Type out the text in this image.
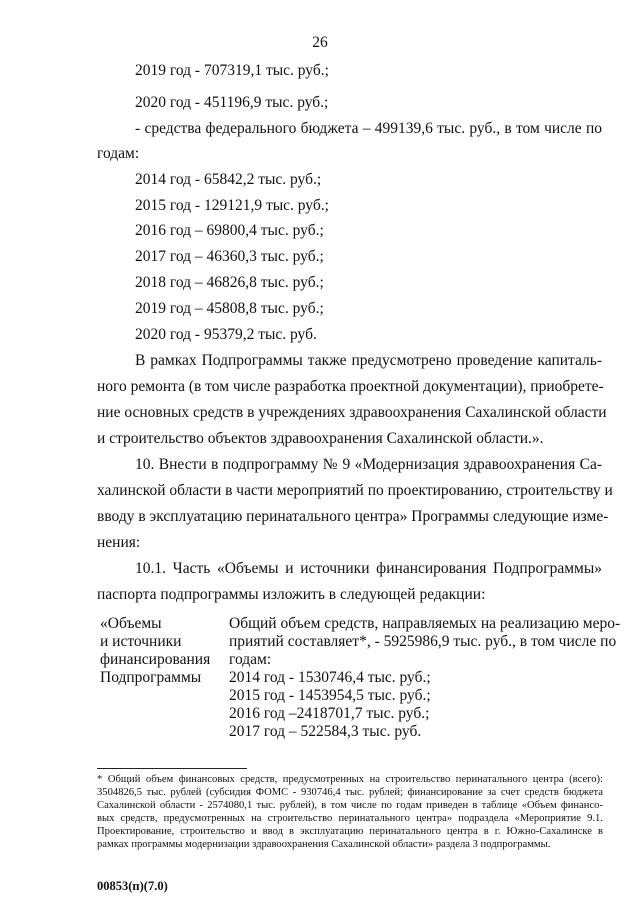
26
2019 год - 707319,1 тыс. руб.;
2020 год - 451196,9 тыс. руб.;
- средства федерального бюджета – 499139,6 тыс. руб., в том числе по
годам:
2014 год - 65842,2 тыс. руб.;
2015 год - 129121,9 тыс. руб.;
2016 год – 69800,4 тыс. руб.;
2017 год – 46360,3 тыс. руб.;
2018 год – 46826,8 тыс. руб.;
2019 год – 45808,8 тыс. руб.;
2020 год - 95379,2 тыс. руб.
В рамках Подпрограммы также предусмотрено проведение капиталь-
ного ремонта (в том числе разработка проектной документации), приобрете-
ние основных средств в учреждениях здравоохранения Сахалинской области
и строительство объектов здравоохранения Сахалинской области.».
10. Внести в подпрограмму № 9 «Модернизация здравоохранения Са-
халинской области в части мероприятий по проектированию, строительству и
вводу в эксплуатацию перинатального центра» Программы следующие изме-
нения:
10.1. Часть «Объемы и источники финансирования Подпрограммы»
паспорта подпрограммы изложить в следующей редакции:
«Объемы
и источники
финансирования
Подпрограммы
Общий объем средств, направляемых на реализацию меро-
приятий составляет*, - 5925986,9 тыс. руб., в том числе по
годам:
2014 год - 1530746,4 тыс. руб.;
2015 год - 1453954,5 тыс. руб.;
2016 год –2418701,7 тыс. руб.;
2017 год – 522584,3 тыс. руб.
* Общий объем финансовых средств, предусмотренных на строительство перинатального центра (всего):
3504826,5 тыс. рублей (субсидия ФОМС - 930746,4 тыс. рублей; финансирование за счет средств бюджета
Сахалинской области - 2574080,1 тыс. рублей), в том числе по годам приведен в таблице «Объем финансо-
вых средств, предусмотренных на строительство перинатального центра» подраздела «Мероприятие 9.1.
Проектирование, строительство и ввод в эксплуатацию перинатального центра в г. Южно-Сахалинске в
рамках программы модернизации здравоохранения Сахалинской области» раздела 3 подпрограммы.
00853(п)(7.0)
